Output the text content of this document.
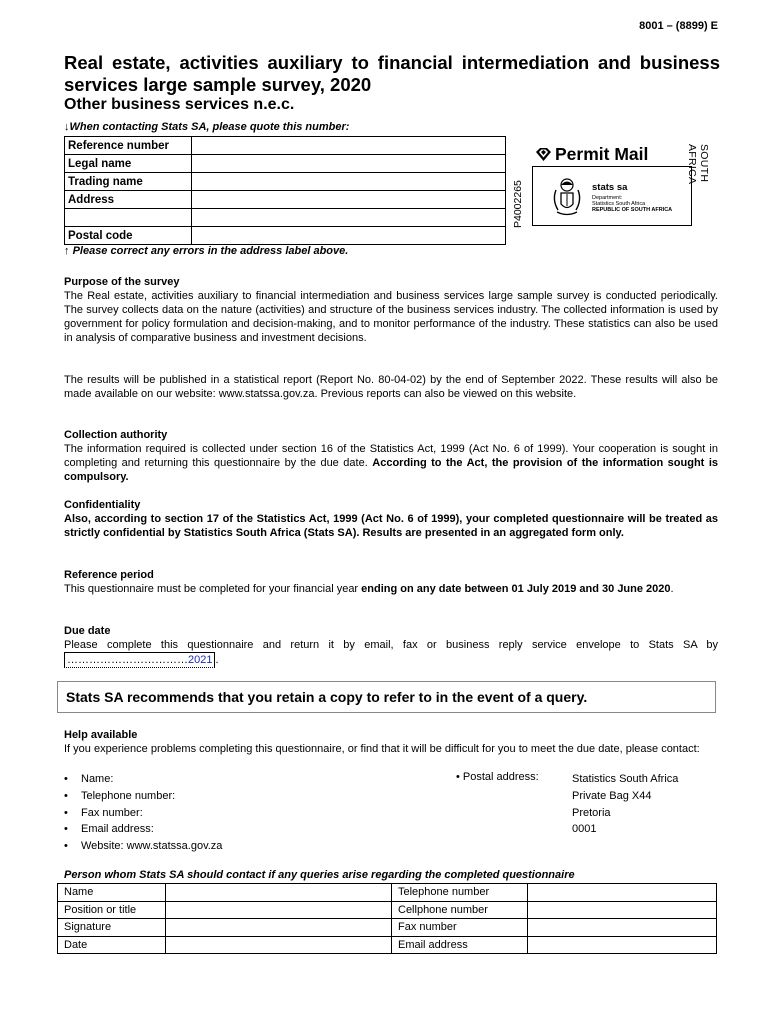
8001 – (8899) E
Real estate, activities auxiliary to financial intermediation and business services large sample survey, 2020
Other business services n.e.c.
↓When contacting Stats SA, please quote this number:
Reference number	
Legal name	
Trading name	
Address	

Postal code	
↑ Please correct any errors in the address label above.
Permit Mail
stats sa
Department:
Statistics South Africa
REPUBLIC OF SOUTH AFRICA
P4002265
SOUTH AFRICA
Purpose of the survey
The Real estate, activities auxiliary to financial intermediation and business services large sample survey is conducted periodically. The survey collects data on the nature (activities) and structure of the business services industry. The collected information is used by government for policy formulation and decision-making, and to monitor performance of the industry. These statistics can also be used in analysis of comparative business and investment decisions.
The results will be published in a statistical report (Report No. 80-04-02) by the end of September 2022. These results will also be made available on our website: www.statssa.gov.za. Previous reports can also be viewed on this website.
Collection authority
The information required is collected under section 16 of the Statistics Act, 1999 (Act No. 6 of 1999). Your cooperation is sought in completing and returning this questionnaire by the due date. According to the Act, the provision of the information sought is compulsory.
Confidentiality
Also, according to section 17 of the Statistics Act, 1999 (Act No. 6 of 1999), your completed questionnaire will be treated as strictly confidential by Statistics South Africa (Stats SA). Results are presented in an aggregated form only.
Reference period
This questionnaire must be completed for your financial year ending on any date between 01 July 2019 and 30 June 2020.
Due date
Please complete this questionnaire and return it by email, fax or business reply service envelope to Stats SA by ……………………………2021 .
Stats SA recommends that you retain a copy to refer to in the event of a query.
Help available
If you experience problems completing this questionnaire, or find that it will be difficult for you to meet the due date, please contact:
• Name:
• Telephone number:
• Fax number:
• Email address:
• Website: www.statssa.gov.za
• Postal address:	Statistics South Africa
Private Bag X44
Pretoria
0001
Person whom Stats SA should contact if any queries arise regarding the completed questionnaire
Name		Telephone number	
Position or title		Cellphone number	
Signature		Fax number	
Date		Email address	
